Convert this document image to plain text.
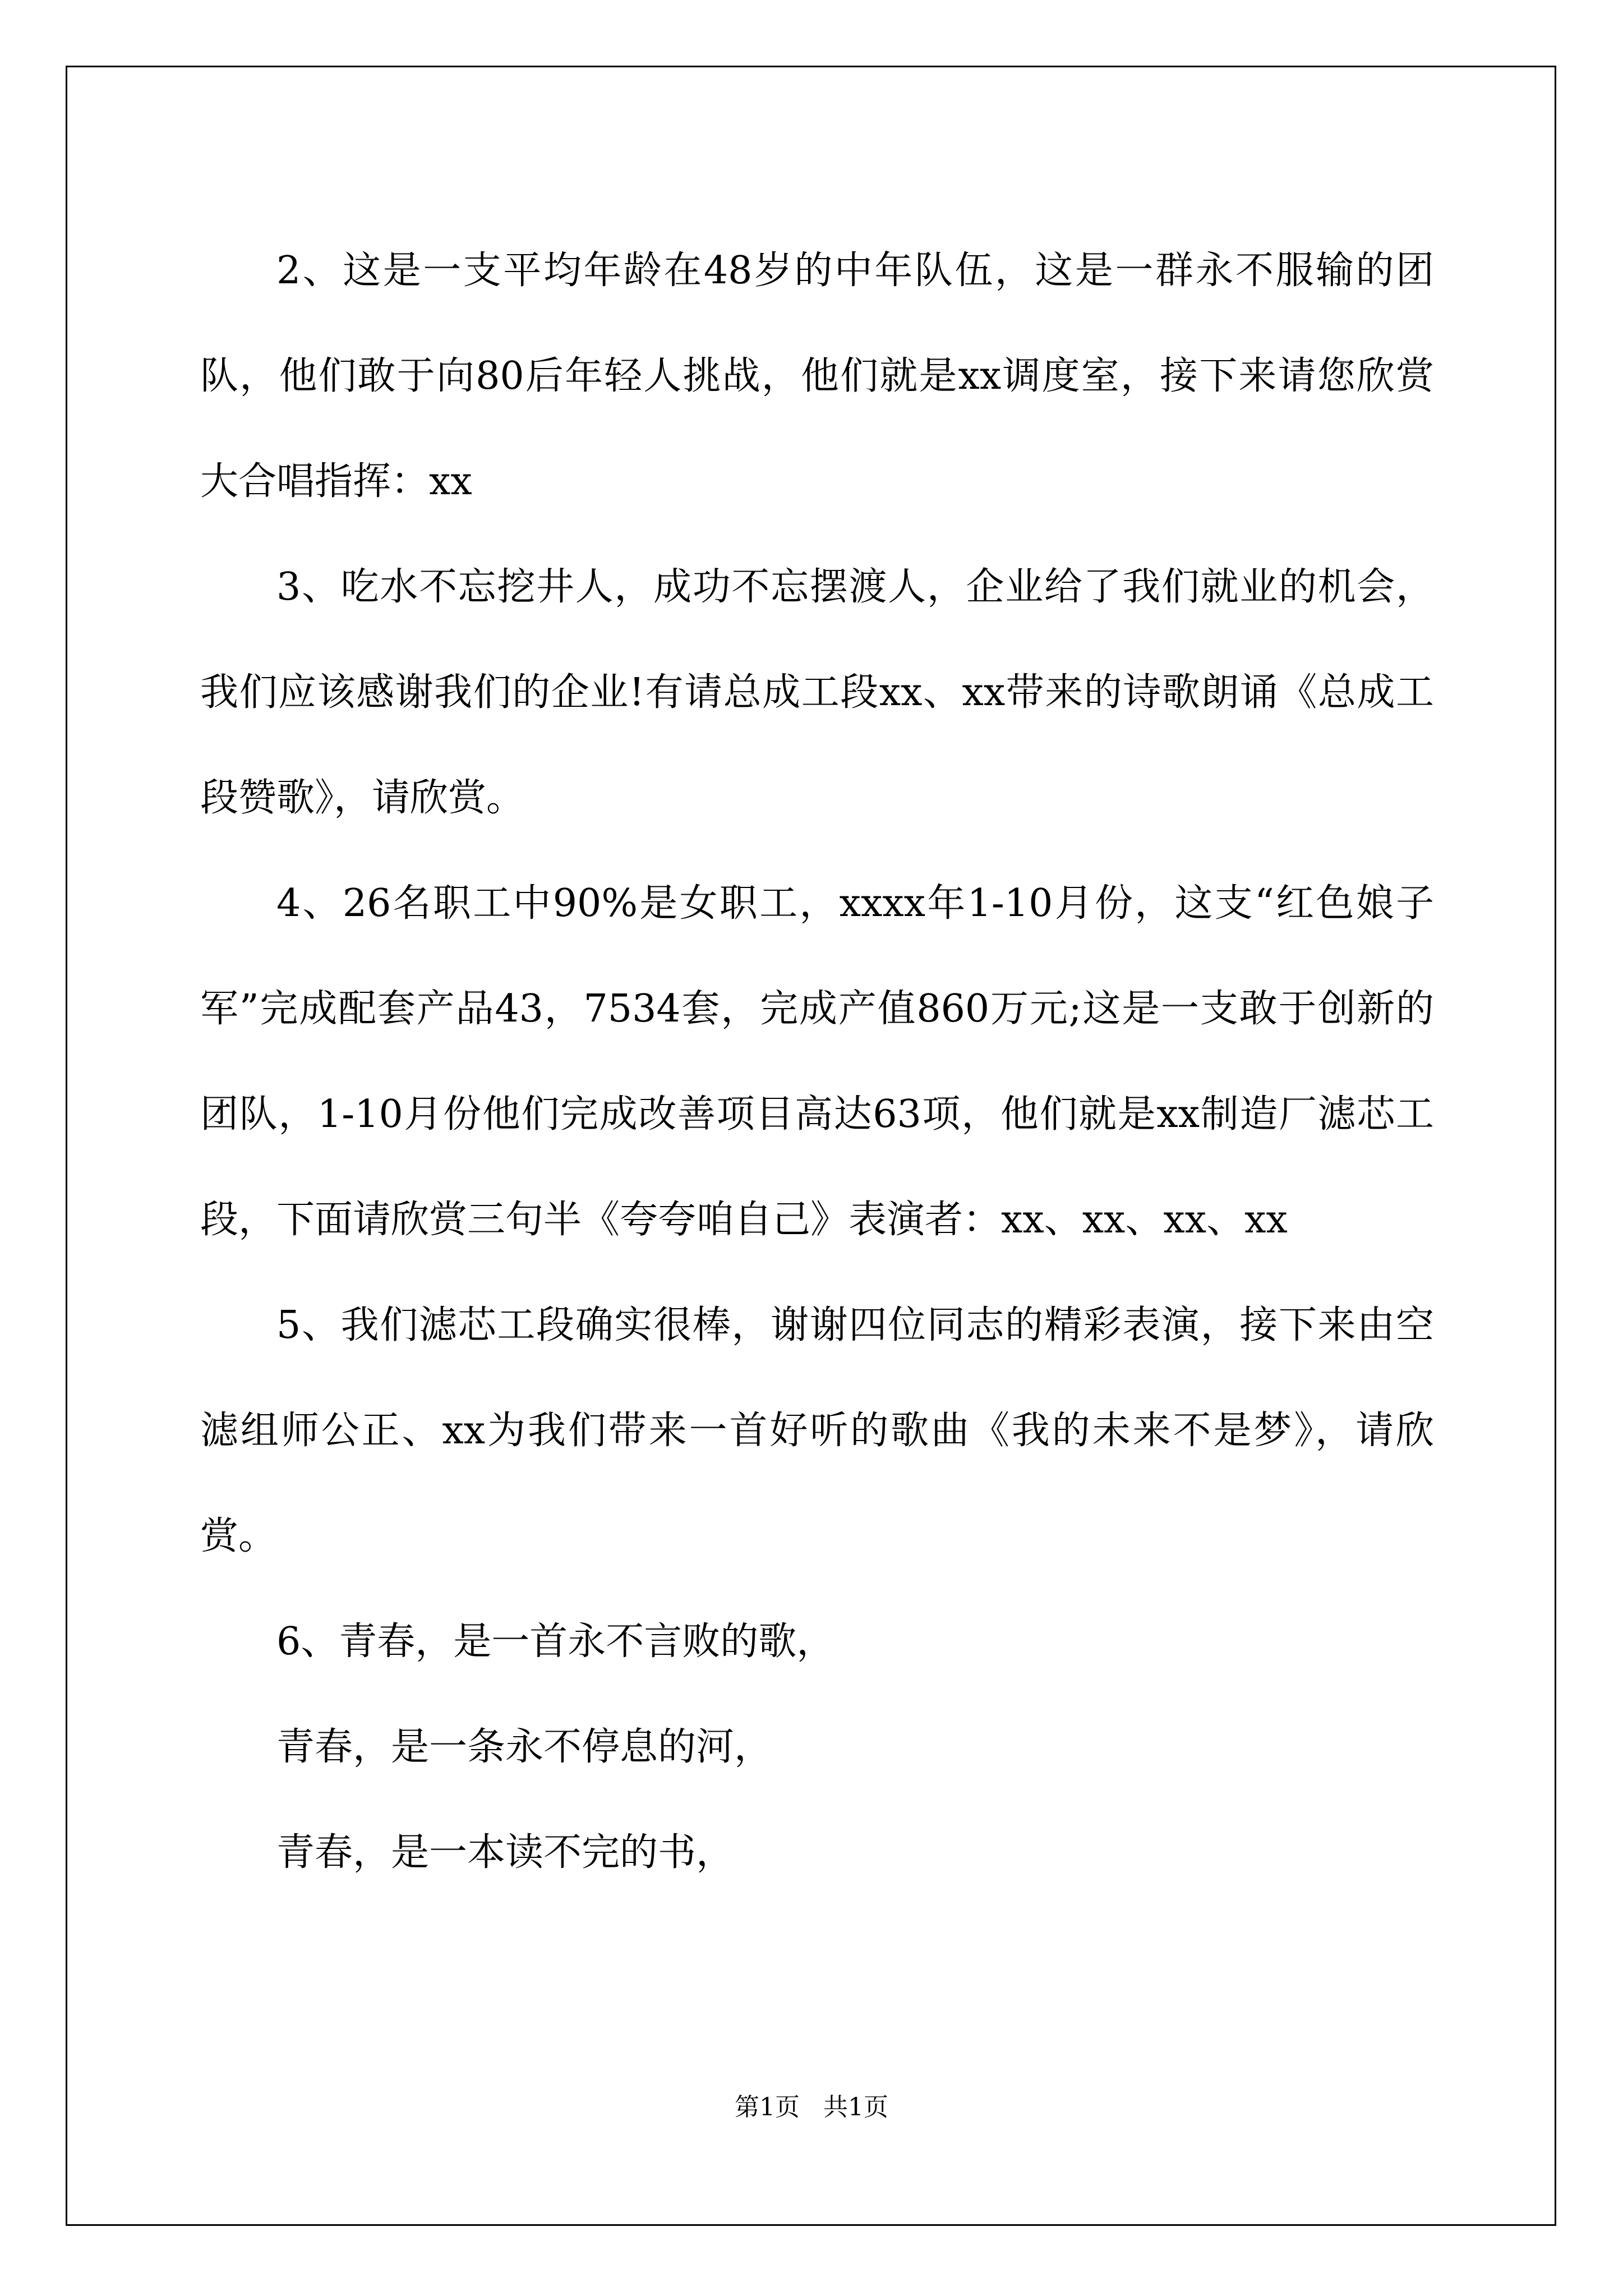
2、这是一支平均年龄在48岁的中年队伍，这是一群永不服输的团队，他们敢于向80后年轻人挑战，他们就是xx调度室，接下来请您欣赏大合唱指挥：xx

3、吃水不忘挖井人，成功不忘摆渡人，企业给了我们就业的机会，我们应该感谢我们的企业!有请总成工段xx、xx带来的诗歌朗诵《总成工段赞歌》，请欣赏。

4、26名职工中90%是女职工，xxxx年1-10月份，这支“红色娘子军”完成配套产品43，7534套，完成产值860万元;这是一支敢于创新的团队，1-10月份他们完成改善项目高达63项，他们就是xx制造厂滤芯工段，下面请欣赏三句半《夸夸咱自己》表演者：xx、xx、xx、xx

5、我们滤芯工段确实很棒，谢谢四位同志的精彩表演，接下来由空滤组师公正、xx为我们带来一首好听的歌曲《我的未来不是梦》，请欣赏。

6、青春，是一首永不言败的歌，

青春，是一条永不停息的河，

青春，是一本读不完的书，

第1页   共1页
